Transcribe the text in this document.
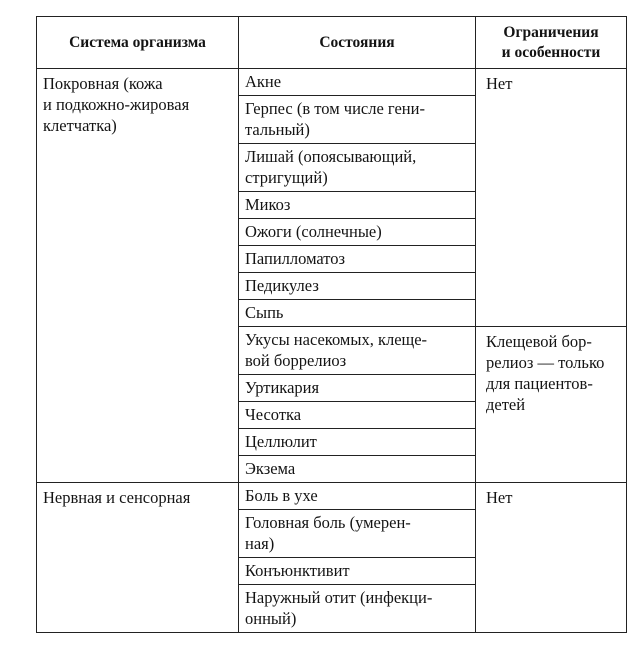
Система организма	Состояния	Ограничения
и особенности
Покровная (кожа
и подкожно-жировая
клетчатка)	Акне	Нет
	Герпес (в том числе гени-
тальный)	
	Лишай (опоясывающий,
стригущий)	
	Микоз	
	Ожоги (солнечные)	
	Папилломатоз	
	Педикулез	
	Сыпь	
	Укусы насекомых, клеще-
вой боррелиоз	Клещевой бор-
релиоз — только
для пациентов-
детей
	Уртикария	
	Чесотка	
	Целлюлит	
	Экзема	
Нервная и сенсорная	Боль в ухе	Нет
	Головная боль (умерен-
ная)	
	Конъюнктивит	
	Наружный отит (инфекци-
онный)	
